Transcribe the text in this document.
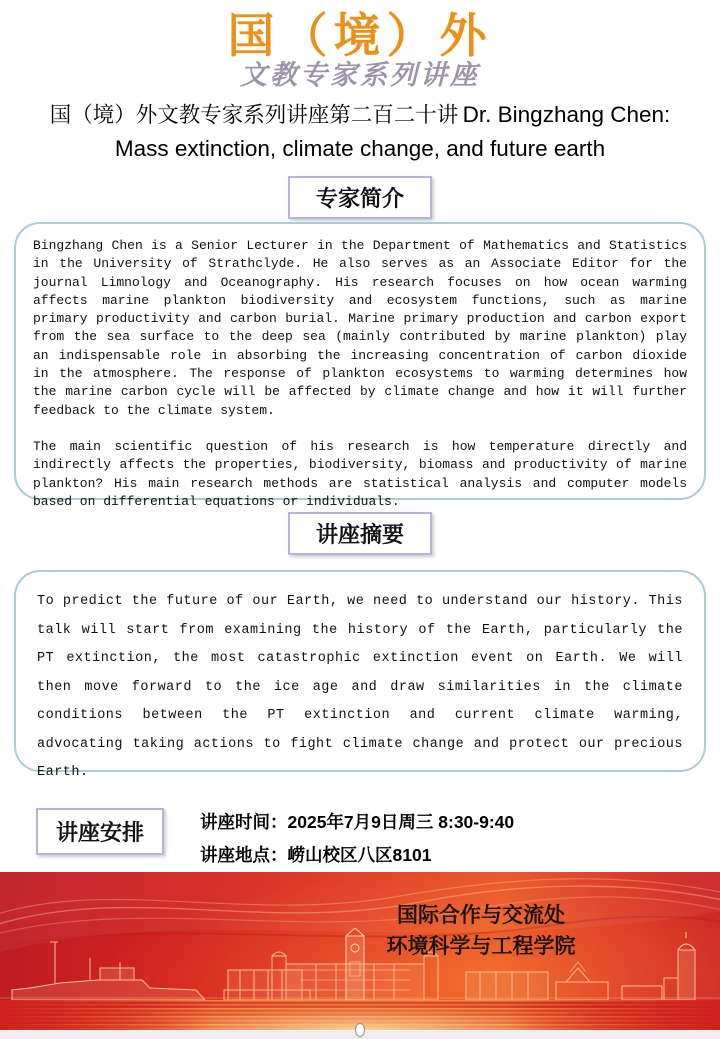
国（境）外
文教专家系列讲座
国（境）外文教专家系列讲座第二百二十讲 Dr. Bingzhang Chen:
Mass extinction, climate change, and future earth
专家简介

Bingzhang Chen is a Senior Lecturer in the Department of Mathematics and Statistics in the University of Strathclyde. He also serves as an Associate Editor for the journal Limnology and Oceanography. His research focuses on how ocean warming affects marine plankton biodiversity and ecosystem functions, such as marine primary productivity and carbon burial. Marine primary production and carbon export from the sea surface to the deep sea (mainly contributed by marine plankton) play an indispensable role in absorbing the increasing concentration of carbon dioxide in the atmosphere. The response of plankton ecosystems to warming determines how the marine carbon cycle will be affected by climate change and how it will further feedback to the climate system.

The main scientific question of his research is how temperature directly and indirectly affects the properties, biodiversity, biomass and productivity of marine plankton? His main research methods are statistical analysis and computer models based on differential equations or individuals.

讲座摘要

To predict the future of our Earth, we need to understand our history. This talk will start from examining the history of the Earth, particularly the PT extinction, the most catastrophic extinction event on Earth. We will then move forward to the ice age and draw similarities in the climate conditions between the PT extinction and current climate warming, advocating taking actions to fight climate change and protect our precious Earth.

讲座安排	讲座时间：2025年7月9日周三 8:30-9:40
讲座地点：崂山校区八区8101
国际合作与交流处
环境科学与工程学院
